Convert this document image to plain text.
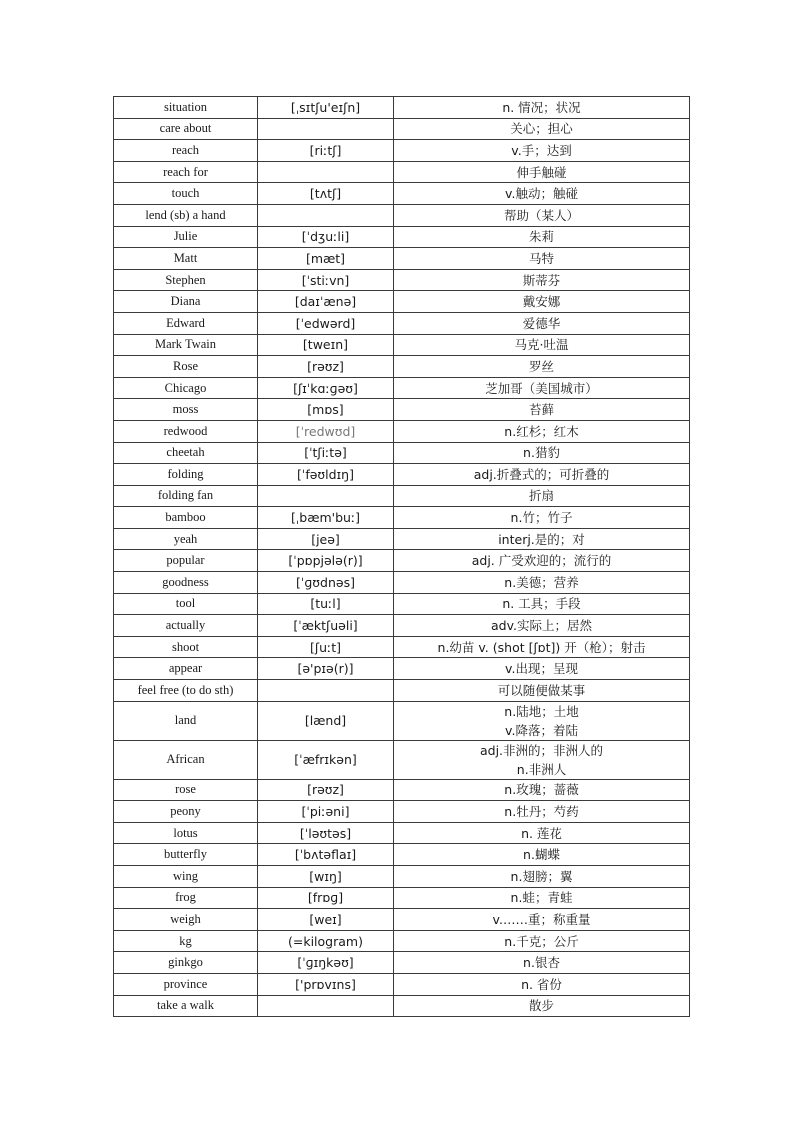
situation	[ˌsɪtʃu'eɪʃn]	n. 情况；状况
care about		关心；担心
reach	[riːtʃ]	v.手；达到
reach for		伸手触碰
touch	[tʌtʃ]	v.触动；触碰
lend (sb) a hand		帮助（某人）
Julie	[ˈdʒuːli]	朱莉
Matt	[mæt]	马特
Stephen	[ˈstiːvn]	斯蒂芬
Diana	[daɪˈænə]	戴安娜
Edward	[ˈedwərd]	爱德华
Mark Twain	[tweɪn]	马克·吐温
Rose	[rəʊz]	罗丝
Chicago	[ʃɪˈkɑːɡəʊ]	芝加哥（美国城市）
moss	[mɒs]	苔藓
redwood	[ˈredwʊd]	n.红杉；红木
cheetah	[ˈtʃiːtə]	n.猎豹
folding	[ˈfəʊldɪŋ]	adj.折叠式的；可折叠的
folding fan		折扇
bamboo	[ˌbæm'buː]	n.竹；竹子
yeah	[jeə]	interj.是的；对
popular	[ˈpɒpjələ(r)]	adj. 广受欢迎的；流行的
goodness	[ˈɡʊdnəs]	n.美德；营养
tool	[tuːl]	n. 工具；手段
actually	[ˈæktʃuəli]	adv.实际上；居然
shoot	[ʃuːt]	n.幼苗 v. (shot [ʃɒt]) 开（枪）；射击
appear	[ə'pɪə(r)]	v.出现；呈现
feel free (to do sth)		可以随便做某事
land	[lænd]	n.陆地；土地
v.降落；着陆

African	[ˈæfrɪkən]	adj.非洲的；非洲人的
n.非洲人

rose	[rəʊz]	n.玫瑰；蔷薇
peony	[ˈpiːəni]	n.牡丹；芍药
lotus	[ˈləʊtəs]	n. 莲花
butterfly	[ˈbʌtəflaɪ]	n.蝴蝶
wing	[wɪŋ]	n.翅膀；翼
frog	[frɒɡ]	n.蛙；青蛙
weigh	[weɪ]	v.……重；称重量
kg	(=kilogram)	n.千克；公斤
ginkgo	[ˈɡɪŋkəʊ]	n.银杏
province	['prɒvɪns]	n. 省份
take a walk		散步
